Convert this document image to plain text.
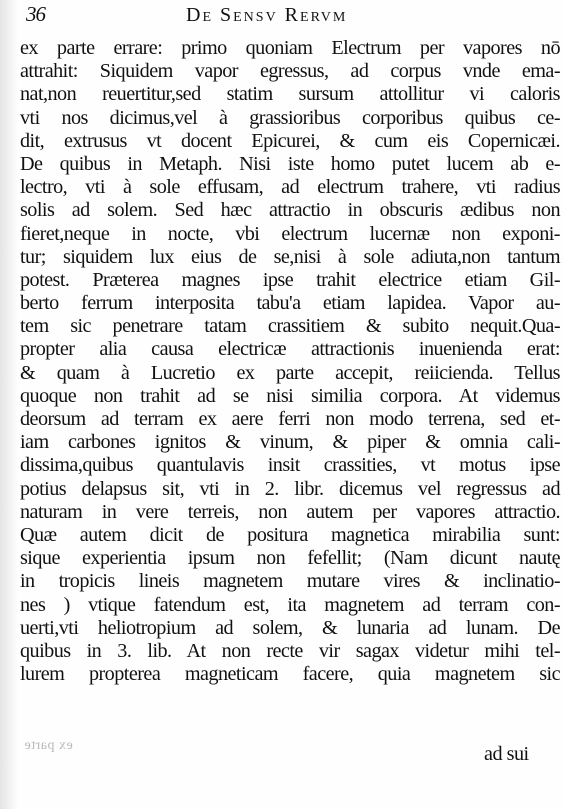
36	De Sensv Rervm
ex parte errare: primo quoniam Electrum per vapores nō
attrahit: Siquidem vapor egressus, ad corpus vnde ema-
nat,non reuertitur,sed statim sursum attollitur vi caloris
vti nos dicimus,vel à grassioribus corporibus quibus ce-
dit, extrusus vt docent Epicurei, & cum eis Copernicæi.
De quibus in Metaph. Nisi iste homo putet lucem ab e-
lectro, vti à sole effusam, ad electrum trahere, vti radius
solis ad solem. Sed hæc attractio in obscuris ædibus non
fieret,neque in nocte, vbi electrum lucernæ non exponi-
tur; siquidem lux eius de se,nisi à sole adiuta,non tantum
potest. Præterea magnes ipse trahit electrice etiam Gil-
berto ferrum interposita tabu'a etiam lapidea. Vapor au-
tem sic penetrare tatam crassitiem & subito nequit.Qua-
propter alia causa electricæ attractionis inuenienda erat:
& quam à Lucretio ex parte accepit, reiicienda. Tellus
quoque non trahit ad se nisi similia corpora. At videmus
deorsum ad terram ex aere ferri non modo terrena, sed et-
iam carbones ignitos & vinum, & piper & omnia cali-
dissima,quibus quantulavis insit crassities, vt motus ipse
potius delapsus sit, vti in 2. libr. dicemus vel regressus ad
naturam in vere terreis, non autem per vapores attractio.
Quæ autem dicit de positura magnetica mirabilia sunt:
sique experientia ipsum non fefellit; (Nam dicunt nautę
in tropicis lineis magnetem mutare vires & inclinatio-
nes ) vtique fatendum est, ita magnetem ad terram con-
uerti,vti heliotropium ad solem, & lunaria ad lunam. De
quibus in 3. lib. At non recte vir sagax videtur mihi tel-
lurem propterea magneticam facere, quia magnetem sic
ex parte	ad sui
